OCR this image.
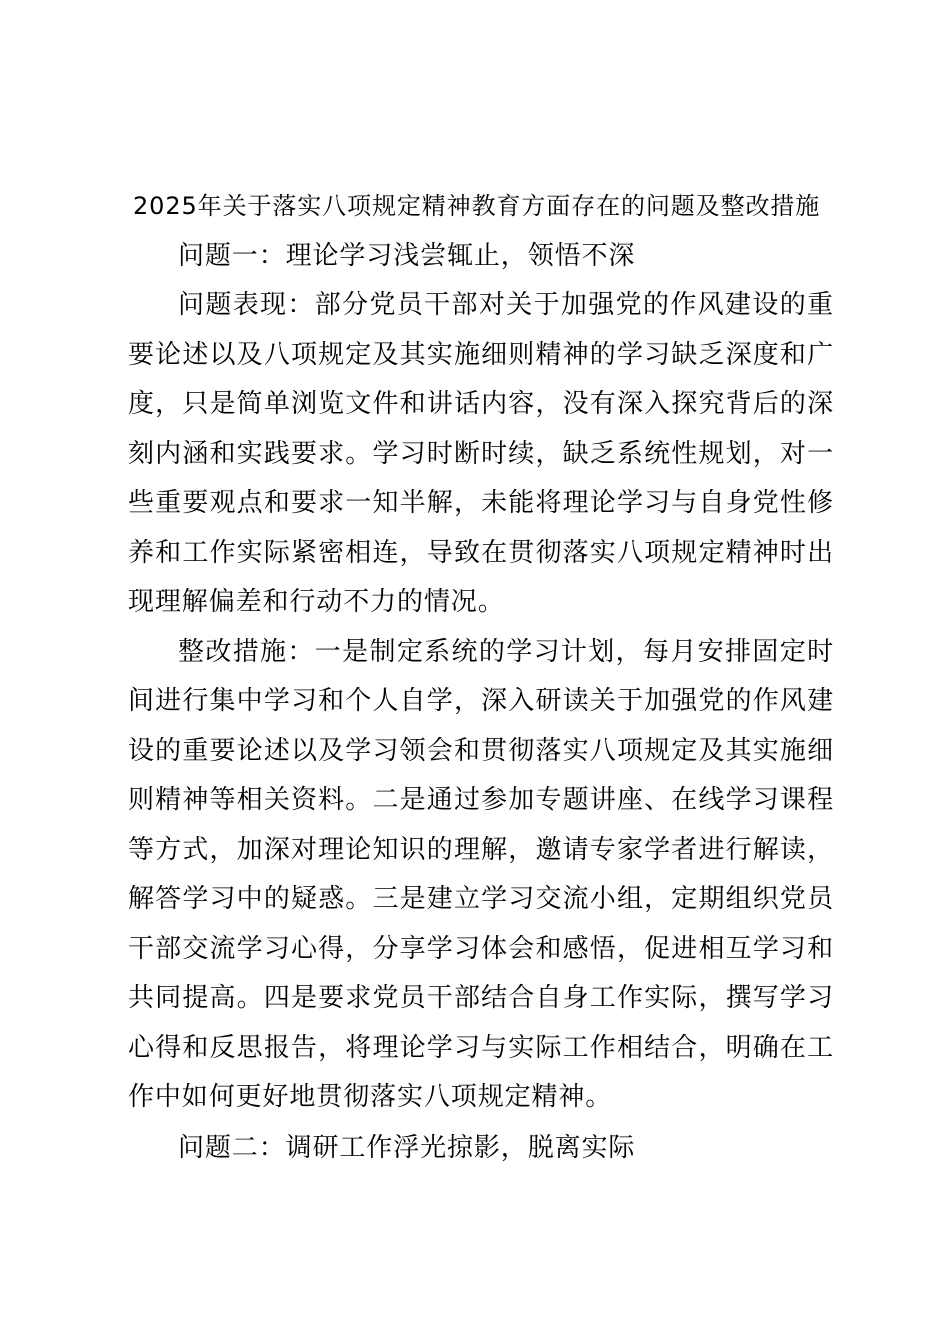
2025年关于落实八项规定精神教育方面存在的问题及整改措施

问题一：理论学习浅尝辄止，领悟不深

问题表现：部分党员干部对关于加强党的作风建设的重要论述以及八项规定及其实施细则精神的学习缺乏深度和广度，只是简单浏览文件和讲话内容，没有深入探究背后的深刻内涵和实践要求。学习时断时续，缺乏系统性规划，对一些重要观点和要求一知半解，未能将理论学习与自身党性修养和工作实际紧密相连，导致在贯彻落实八项规定精神时出现理解偏差和行动不力的情况。

整改措施：一是制定系统的学习计划，每月安排固定时间进行集中学习和个人自学，深入研读关于加强党的作风建设的重要论述以及学习领会和贯彻落实八项规定及其实施细则精神等相关资料。二是通过参加专题讲座、在线学习课程等方式，加深对理论知识的理解，邀请专家学者进行解读，解答学习中的疑惑。三是建立学习交流小组，定期组织党员干部交流学习心得，分享学习体会和感悟，促进相互学习和共同提高。四是要求党员干部结合自身工作实际，撰写学习心得和反思报告，将理论学习与实际工作相结合，明确在工作中如何更好地贯彻落实八项规定精神。

问题二：调研工作浮光掠影，脱离实际
